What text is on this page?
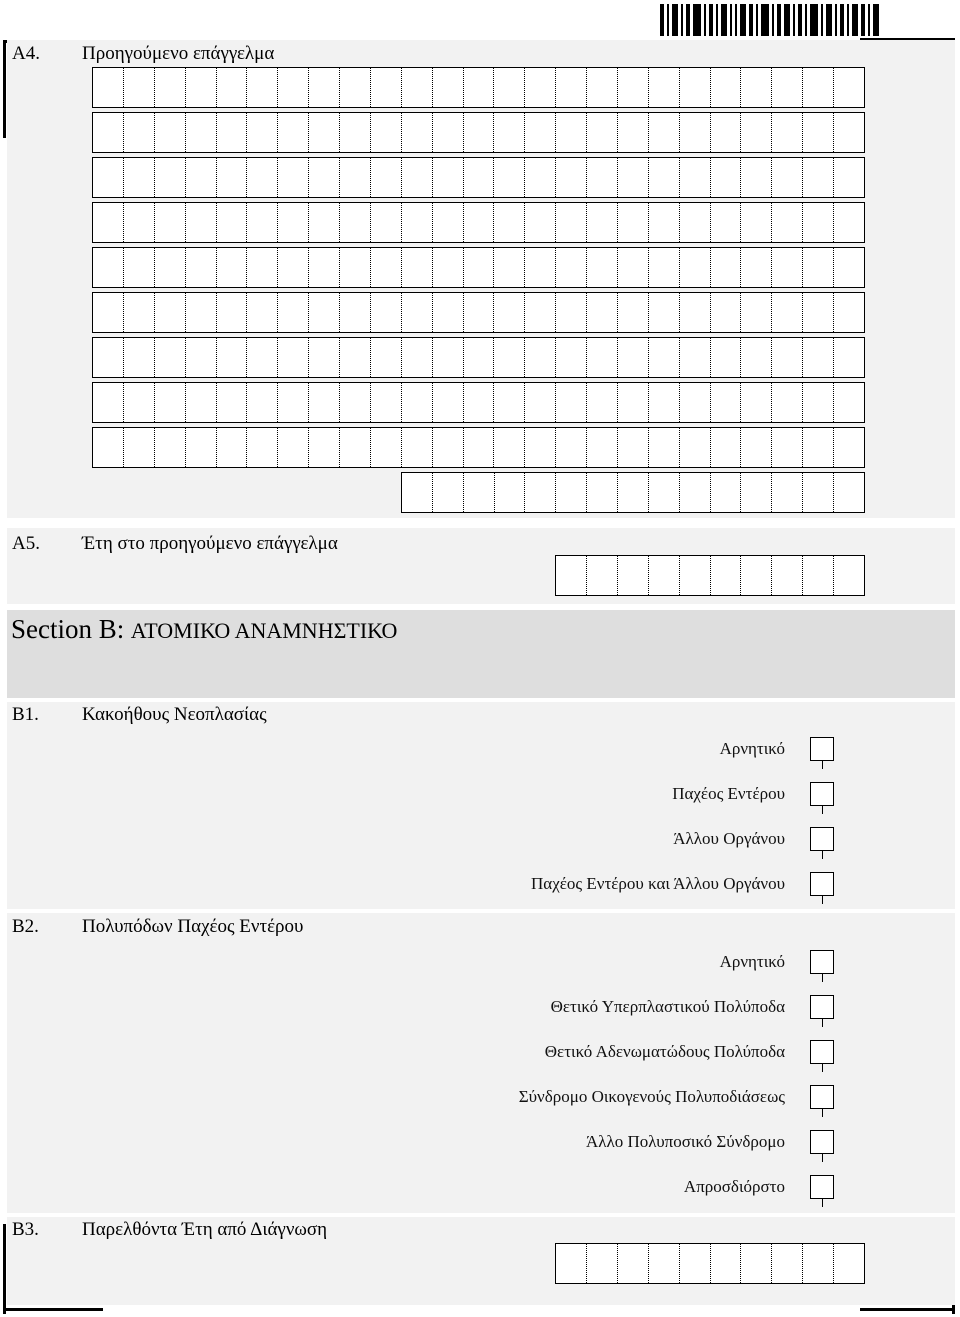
A4. Προηγούμενο επάγγελμα
A5. Έτη στο προηγούμενο επάγγελμα
Section B: ΑΤΟΜΙΚΟ ΑΝΑΜΝΗΣΤΙΚΟ
B1. Κακοήθους Νεοπλασίας
Αρνητικό
Παχέος Εντέρου
Άλλου Οργάνου
Παχέος Εντέρου και Άλλου Οργάνου
B2. Πολυπόδων Παχέος Εντέρου
Αρνητικό
Θετικό Υπερπλαστικού Πολύποδα
Θετικό Αδενωματώδους Πολύποδα
Σύνδρομο Οικογενούς Πολυποδιάσεως
Άλλο Πολυποσικό Σύνδρομο
Απροσδιόρστο
B3. Παρελθόντα Έτη από Διάγνωση
